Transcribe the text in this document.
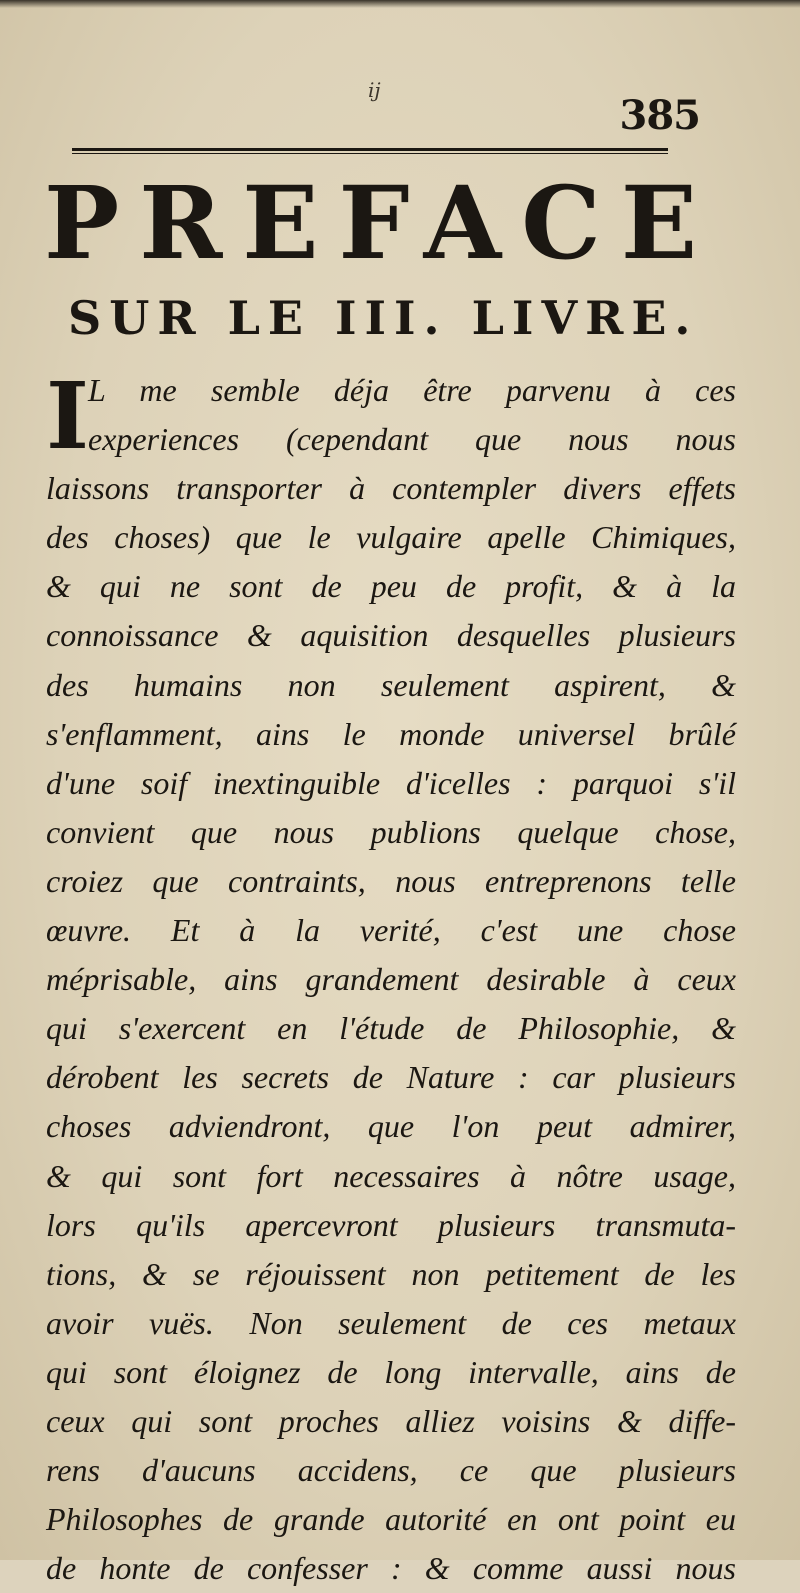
ij
385
PREFACE
SUR LE III. LIVRE.
I
L me semble déja être parvenu à ces
experiences (cependant que nous nous
laissons transporter à contempler divers effets
des choses) que le vulgaire apelle Chimiques,
& qui ne sont de peu de profit, & à la
connoissance & aquisition desquelles plusieurs
des humains non seulement aspirent, &
s'enflamment, ains le monde universel brûlé
d'une soif inextinguible d'icelles : parquoi s'il
convient que nous publions quelque chose,
croiez que contraints, nous entreprenons telle
œuvre. Et à la verité, c'est une chose
méprisable, ains grandement desirable à ceux
qui s'exercent en l'étude de Philosophie, &
dérobent les secrets de Nature : car plusieurs
choses adviendront, que l'on peut admirer,
& qui sont fort necessaires à nôtre usage,
lors qu'ils apercevront plusieurs transmuta-
tions, & se réjouissent non petitement de les
avoir vuës. Non seulement de ces metaux
qui sont éloignez de long intervalle, ains de
ceux qui sont proches alliez voisins & diffe-
rens d'aucuns accidens, ce que plusieurs
Philosophes de grande autorité en ont point eu
de honte de confesser : & comme aussi nous
